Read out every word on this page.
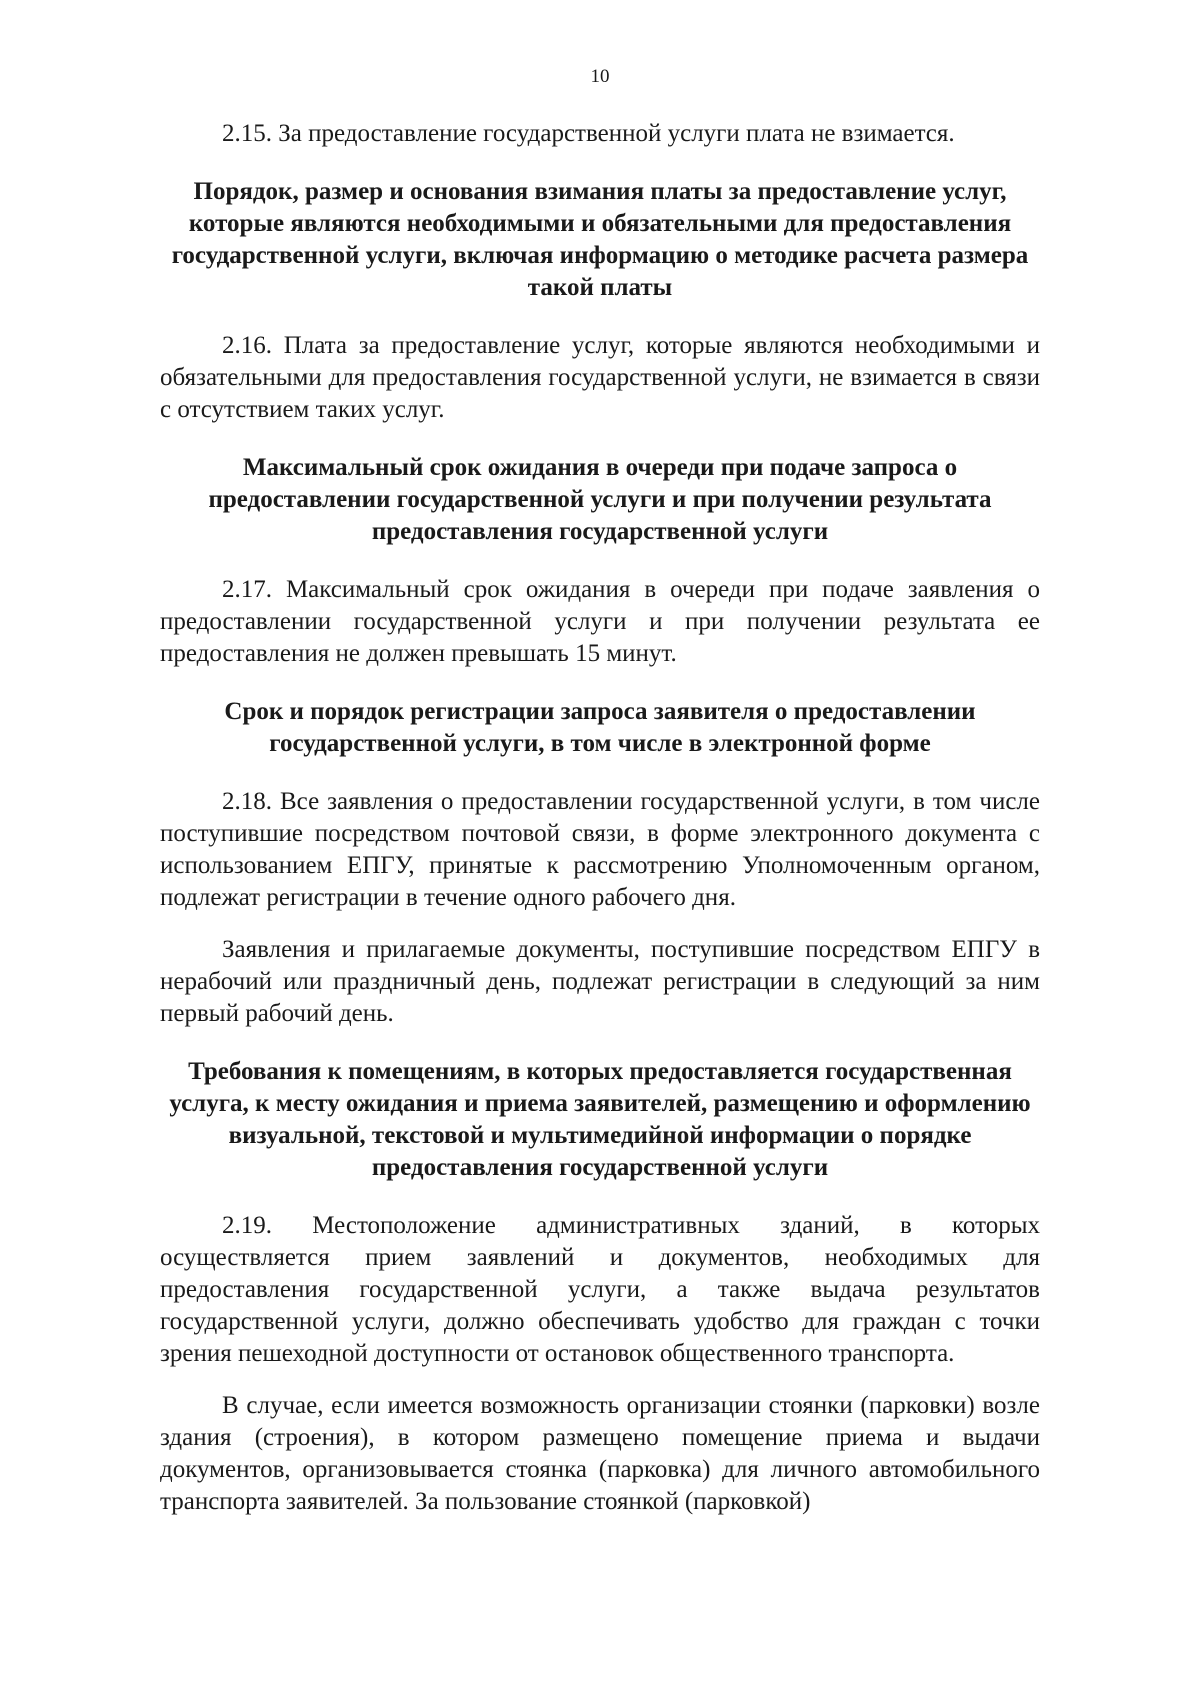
10

2.15. За предоставление государственной услуги плата не взимается.

Порядок, размер и основания взимания платы за предоставление услуг, которые являются необходимыми и обязательными для предоставления государственной услуги, включая информацию о методике расчета размера такой платы

2.16. Плата за предоставление услуг, которые являются необходимыми и обязательными для предоставления государственной услуги, не взимается в связи с отсутствием таких услуг.

Максимальный срок ожидания в очереди при подаче запроса о предоставлении государственной услуги и при получении результата предоставления государственной услуги

2.17. Максимальный срок ожидания в очереди при подаче заявления о предоставлении государственной услуги и при получении результата ее предоставления не должен превышать 15 минут.

Срок и порядок регистрации запроса заявителя о предоставлении государственной услуги, в том числе в электронной форме

2.18. Все заявления о предоставлении государственной услуги, в том числе поступившие посредством почтовой связи, в форме электронного документа с использованием ЕПГУ, принятые к рассмотрению Уполномоченным органом, подлежат регистрации в течение одного рабочего дня.

Заявления и прилагаемые документы, поступившие посредством ЕПГУ в нерабочий или праздничный день, подлежат регистрации в следующий за ним первый рабочий день.

Требования к помещениям, в которых предоставляется государственная услуга, к месту ожидания и приема заявителей, размещению и оформлению визуальной, текстовой и мультимедийной информации о порядке предоставления государственной услуги

2.19. Местоположение административных зданий, в которых осуществляется прием заявлений и документов, необходимых для предоставления государственной услуги, а также выдача результатов государственной услуги, должно обеспечивать удобство для граждан с точки зрения пешеходной доступности от остановок общественного транспорта.

В случае, если имеется возможность организации стоянки (парковки) возле здания (строения), в котором размещено помещение приема и выдачи документов, организовывается стоянка (парковка) для личного автомобильного транспорта заявителей. За пользование стоянкой (парковкой)
